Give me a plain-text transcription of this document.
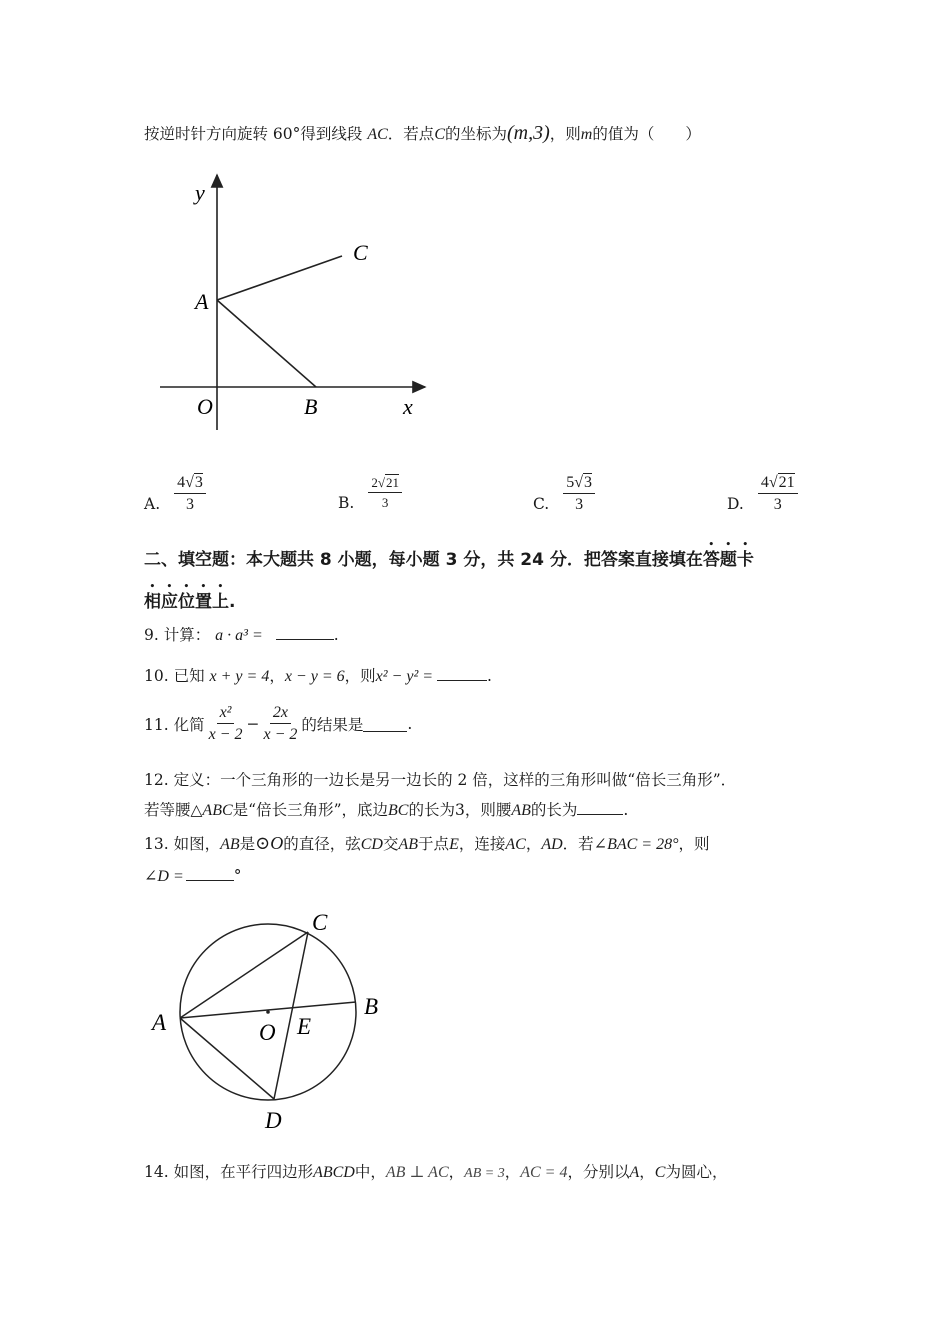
按逆时针方向旋转 60°得到线段 AC．若点C的坐标为(m,3)，则m的值为（　　）
y
x
O
A
B
C
A. $\frac{4√3}{3}$	B. $\frac{2√21}{3}$	C. $\frac{5√3}{3}$	D. $\frac{4√21}{3}$
二、填空题：本大题共 8 小题，每小题 3 分，共 24 分．把答案直接填在答题卡
相应位置上.
9. 计算： a · a³ =	.
10. 已知 x + y = 4，x − y = 6，则x² − y² =	.
11. 化简 $\frac{\text{x²}}{x - 2} - \frac{2x}{x - 2}$ 的结果是	.
12. 定义：一个三角形的一边长是另一边长的 2 倍，这样的三角形叫做“倍长三角形”．
若等腰△ABC是“倍长三角形”，底边BC的长为3，则腰AB的长为	.
13. 如图，AB是⊙O的直径，弦CD交AB于点E，连接AC，AD．若∠BAC = 28°，则
∠D =	°
A
B
C
D
O E
14. 如图，在平行四边形ABCD中，AB ⊥ AC，AB = 3，AC = 4，分别以A，C为圆心，
